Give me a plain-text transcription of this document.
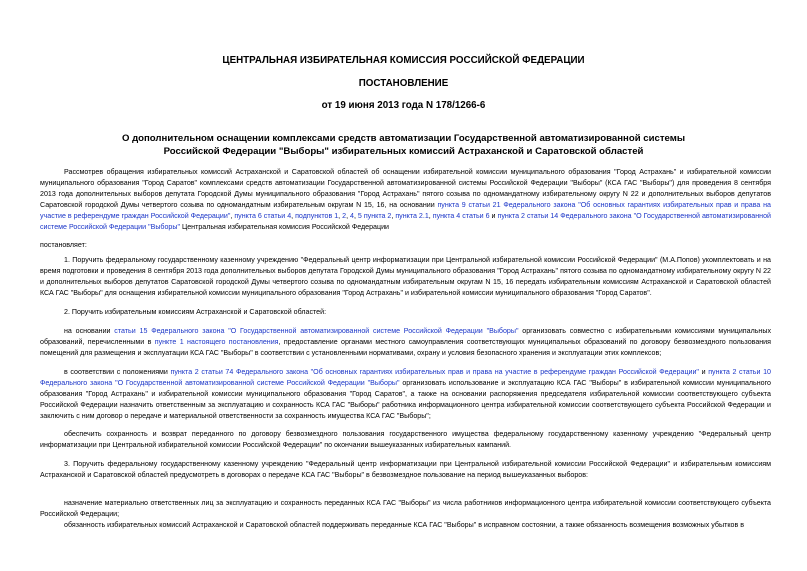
ЦЕНТРАЛЬНАЯ ИЗБИРАТЕЛЬНАЯ КОМИССИЯ РОССИЙСКОЙ ФЕДЕРАЦИИ
ПОСТАНОВЛЕНИЕ
от 19 июня 2013 года N 178/1266-6
О дополнительном оснащении комплексами средств автоматизации Государственной автоматизированной системы Российской Федерации "Выборы" избирательных комиссий Астраханской и Саратовской областей

Рассмотрев обращения избирательных комиссий Астраханской и Саратовской областей об оснащении избирательной комиссии муниципального образования "Город Астрахань" и избирательной комиссии муниципального образования "Город Саратов" комплексами средств автоматизации Государственной автоматизированной системы Российской Федерации "Выборы" (КСА ГАС "Выборы") для проведения 8 сентября 2013 года дополнительных выборов депутата Городской Думы муниципального образования "Город Астрахань" пятого созыва по одномандатному избирательному округу N 22 и дополнительных выборов депутатов Саратовской городской Думы четвертого созыва по одномандатным избирательным округам N 15, 16, на основании пункта 9 статьи 21 Федерального закона "Об основных гарантиях избирательных прав и права на участие в референдуме граждан Российской Федерации", пункта 6 статьи 4, подпунктов 1, 2, 4, 5 пункта 2, пункта 2.1, пункта 4 статьи 6 и пункта 2 статьи 14 Федерального закона "О Государственной автоматизированной системе Российской Федерации "Выборы" Центральная избирательная комиссия Российской Федерации

постановляет:

1. Поручить федеральному государственному казенному учреждению "Федеральный центр информатизации при Центральной избирательной комиссии Российской Федерации" (М.А.Попов) укомплектовать и на время подготовки и проведения 8 сентября 2013 года дополнительных выборов депутата Городской Думы муниципального образования "Город Астрахань" пятого созыва по одномандатному избирательному округу N 22 и дополнительных выборов депутатов Саратовской городской Думы четвертого созыва по одномандатным избирательным округам N 15, 16 передать избирательным комиссиям Астраханской и Саратовской областей КСА ГАС "Выборы" для оснащения избирательной комиссии муниципального образования "Город Астрахань" и избирательной комиссии муниципального образования "Город Саратов".

2. Поручить избирательным комиссиям Астраханской и Саратовской областей:

на основании статьи 15 Федерального закона "О Государственной автоматизированной системе Российской Федерации "Выборы" организовать совместно с избирательными комиссиями муниципальных образований, перечисленными в пункте 1 настоящего постановления, предоставление органами местного самоуправления соответствующих муниципальных образований по договору безвозмездного пользования помещений для размещения и эксплуатации КСА ГАС "Выборы" в соответствии с установленными нормативами, охрану и условия безопасного хранения и эксплуатации этих комплексов;

в соответствии с положениями пункта 2 статьи 74 Федерального закона "Об основных гарантиях избирательных прав и права на участие в референдуме граждан Российской Федерации" и пункта 2 статьи 10 Федерального закона "О Государственной автоматизированной системе Российской Федерации "Выборы" организовать использование и эксплуатацию КСА ГАС "Выборы" в избирательной комиссии муниципального образования "Город Астрахань" и избирательной комиссии муниципального образования "Город Саратов", а также на основании распоряжения председателя избирательной комиссии соответствующего субъекта Российской Федерации назначить ответственным за эксплуатацию и сохранность КСА ГАС "Выборы" работника информационного центра избирательной комиссии соответствующего субъекта Российской Федерации и заключить с ним договор о передаче и материальной ответственности за сохранность имущества КСА ГАС "Выборы";

обеспечить сохранность и возврат переданного по договору безвозмездного пользования государственного имущества федеральному государственному казенному учреждению "Федеральный центр информатизации при Центральной избирательной комиссии Российской Федерации" по окончании вышеуказанных избирательных кампаний.

3. Поручить федеральному государственному казенному учреждению "Федеральный центр информатизации при Центральной избирательной комиссии Российской Федерации" и избирательным комиссиям Астраханской и Саратовской областей предусмотреть в договорах о передаче КСА ГАС "Выборы" в безвозмездное пользование на период вышеуказанных выборов:

назначение материально ответственных лиц за эксплуатацию и сохранность переданных КСА ГАС "Выборы" из числа работников информационного центра избирательной комиссии соответствующего субъекта Российской Федерации;

обязанность избирательных комиссий Астраханской и Саратовской областей поддерживать переданные КСА ГАС "Выборы" в исправном состоянии, а также обязанность возмещения возможных убытков в
